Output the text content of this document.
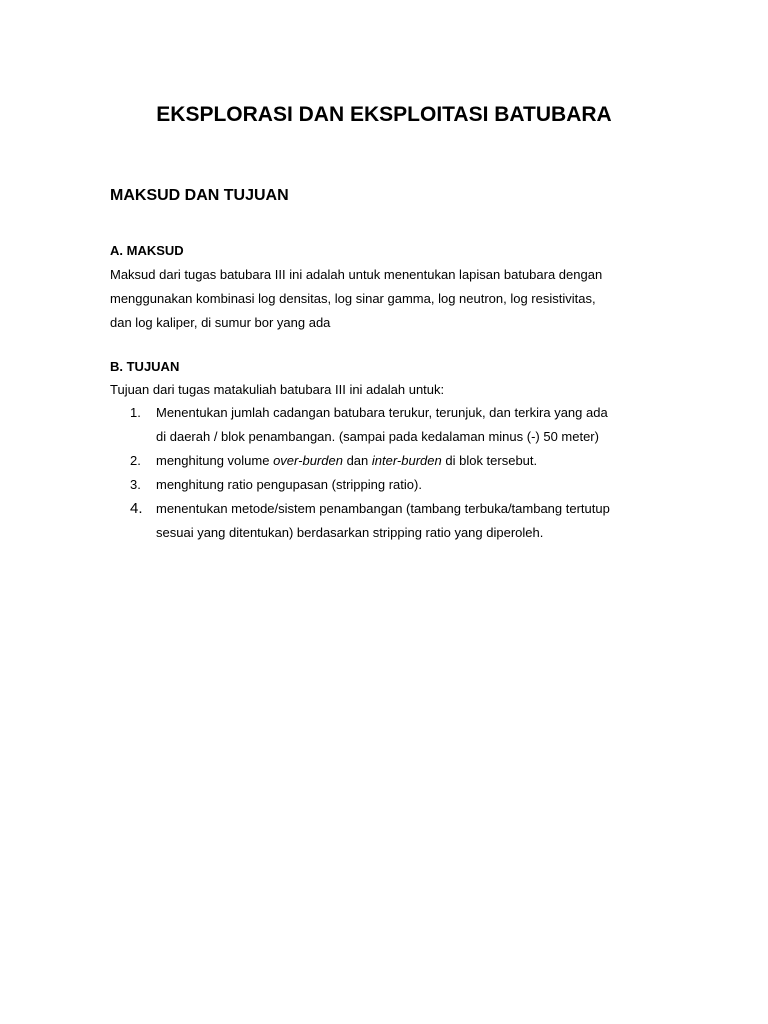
EKSPLORASI DAN EKSPLOITASI BATUBARA
MAKSUD DAN TUJUAN
A. MAKSUD

Maksud dari tugas batubara III ini adalah untuk menentukan lapisan batubara dengan
menggunakan kombinasi log densitas, log sinar gamma, log neutron, log resistivitas,
dan log kaliper, di sumur bor yang ada

B. TUJUAN

Tujuan dari tugas matakuliah batubara III ini adalah untuk:

1. Menentukan jumlah cadangan batubara terukur, terunjuk, dan terkira yang ada
di daerah / blok penambangan. (sampai pada kedalaman minus (-) 50 meter)
2. menghitung volume over-burden dan inter-burden di blok tersebut.
3. menghitung ratio pengupasan (stripping ratio).
4. menentukan metode/sistem penambangan (tambang terbuka/tambang tertutup
sesuai yang ditentukan) berdasarkan stripping ratio yang diperoleh.
